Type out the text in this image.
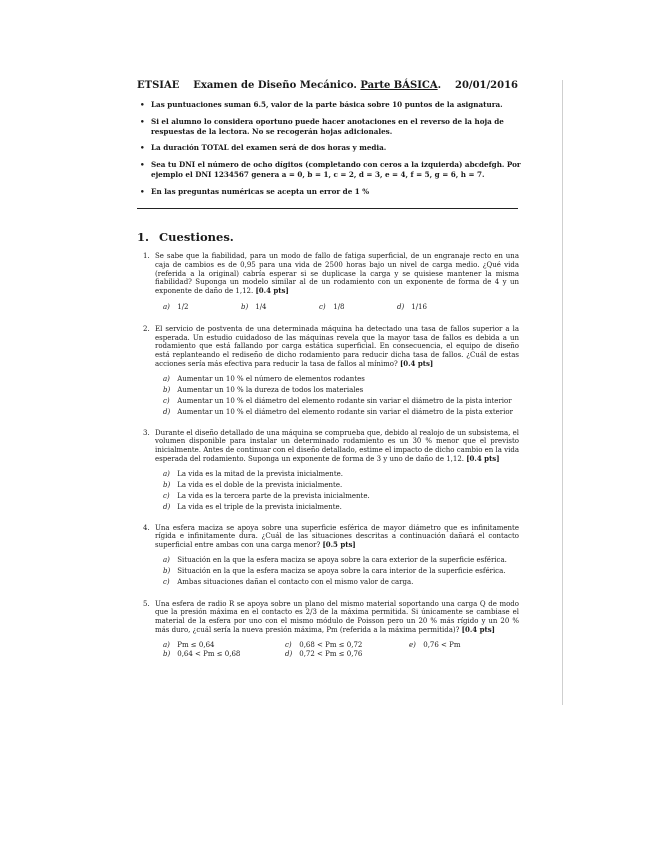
ETSIAE Examen de Diseño Mecánico. Parte BÁSICA. 20/01/2016
• Las puntuaciones suman 6.5, valor de la parte básica sobre 10 puntos de la asignatura.
• Si el alumno lo considera oportuno puede hacer anotaciones en el reverso de la hoja de respuestas de la lectora. No se recogerán hojas adicionales.
• La duración TOTAL del examen será de dos horas y media.
• Sea tu DNI el número de ocho dígitos (completando con ceros a la izquierda) abcdefgh. Por ejemplo el DNI 1234567 genera a = 0, b = 1, c = 2, d = 3, e = 4, f = 5, g = 6, h = 7.
• En las preguntas numéricas se acepta un error de 1 %
1. Cuestiones.
1. Se sabe que la fiabilidad, para un modo de fallo de fatiga superficial, de un engranaje recto en una caja de cambios es de 0,95 para una vida de 2500 horas bajo un nivel de carga medio. ¿Qué vida (referida a la original) cabría esperar si se duplicase la carga y se quisiese mantener la misma fiabilidad? Suponga un modelo similar al de un rodamiento con un exponente de forma de 4 y un exponente de daño de 1,12. [0.4 pts]
a) 1/2	b) 1/4	c) 1/8	d) 1/16
2. El servicio de postventa de una determinada máquina ha detectado una tasa de fallos superior a la esperada. Un estudio cuidadoso de las máquinas revela que la mayor tasa de fallos es debida a un rodamiento que está fallando por carga estática superficial. En consecuencia, el equipo de diseño está replanteando el rediseño de dicho rodamiento para reducir dicha tasa de fallos. ¿Cuál de estas acciones sería más efectiva para reducir la tasa de fallos al mínimo? [0.4 pts]
a) Aumentar un 10 % el número de elementos rodantes
b) Aumentar un 10 % la dureza de todos los materiales
c) Aumentar un 10 % el diámetro del elemento rodante sin variar el diámetro de la pista interior
d) Aumentar un 10 % el diámetro del elemento rodante sin variar el diámetro de la pista exterior
3. Durante el diseño detallado de una máquina se comprueba que, debido al realojo de un subsistema, el volumen disponible para instalar un determinado rodamiento es un 30 % menor que el previsto inicialmente. Antes de continuar con el diseño detallado, estime el impacto de dicho cambio en la vida esperada del rodamiento. Suponga un exponente de forma de 3 y uno de daño de 1,12. [0.4 pts]
a) La vida es la mitad de la prevista inicialmente.
b) La vida es el doble de la prevista inicialmente.
c) La vida es la tercera parte de la prevista inicialmente.
d) La vida es el triple de la prevista inicialmente.
4. Una esfera maciza se apoya sobre una superficie esférica de mayor diámetro que es infinitamente rígida e infinitamente dura. ¿Cuál de las situaciones descritas a continuación dañará el contacto superficial entre ambas con una carga menor? [0.5 pts]
a) Situación en la que la esfera maciza se apoya sobre la cara exterior de la superficie esférica.
b) Situación en la que la esfera maciza se apoya sobre la cara interior de la superficie esférica.
c) Ambas situaciones dañan el contacto con el mismo valor de carga.
5. Una esfera de radio R se apoya sobre un plano del mismo material soportando una carga Q de modo que la presión máxima en el contacto es 2/3 de la máxima permitida. Si únicamente se cambiase el material de la esfera por uno con el mismo módulo de Poisson pero un 20 % más rígido y un 20 % más duro, ¿cuál sería la nueva presión máxima, Pm (referida a la máxima permitida)? [0.4 pts]
a) Pm ≤ 0,64	c) 0,68 < Pm ≤ 0,72	e) 0,76 < Pm
b) 0,64 < Pm ≤ 0,68	d) 0,72 < Pm ≤ 0,76
